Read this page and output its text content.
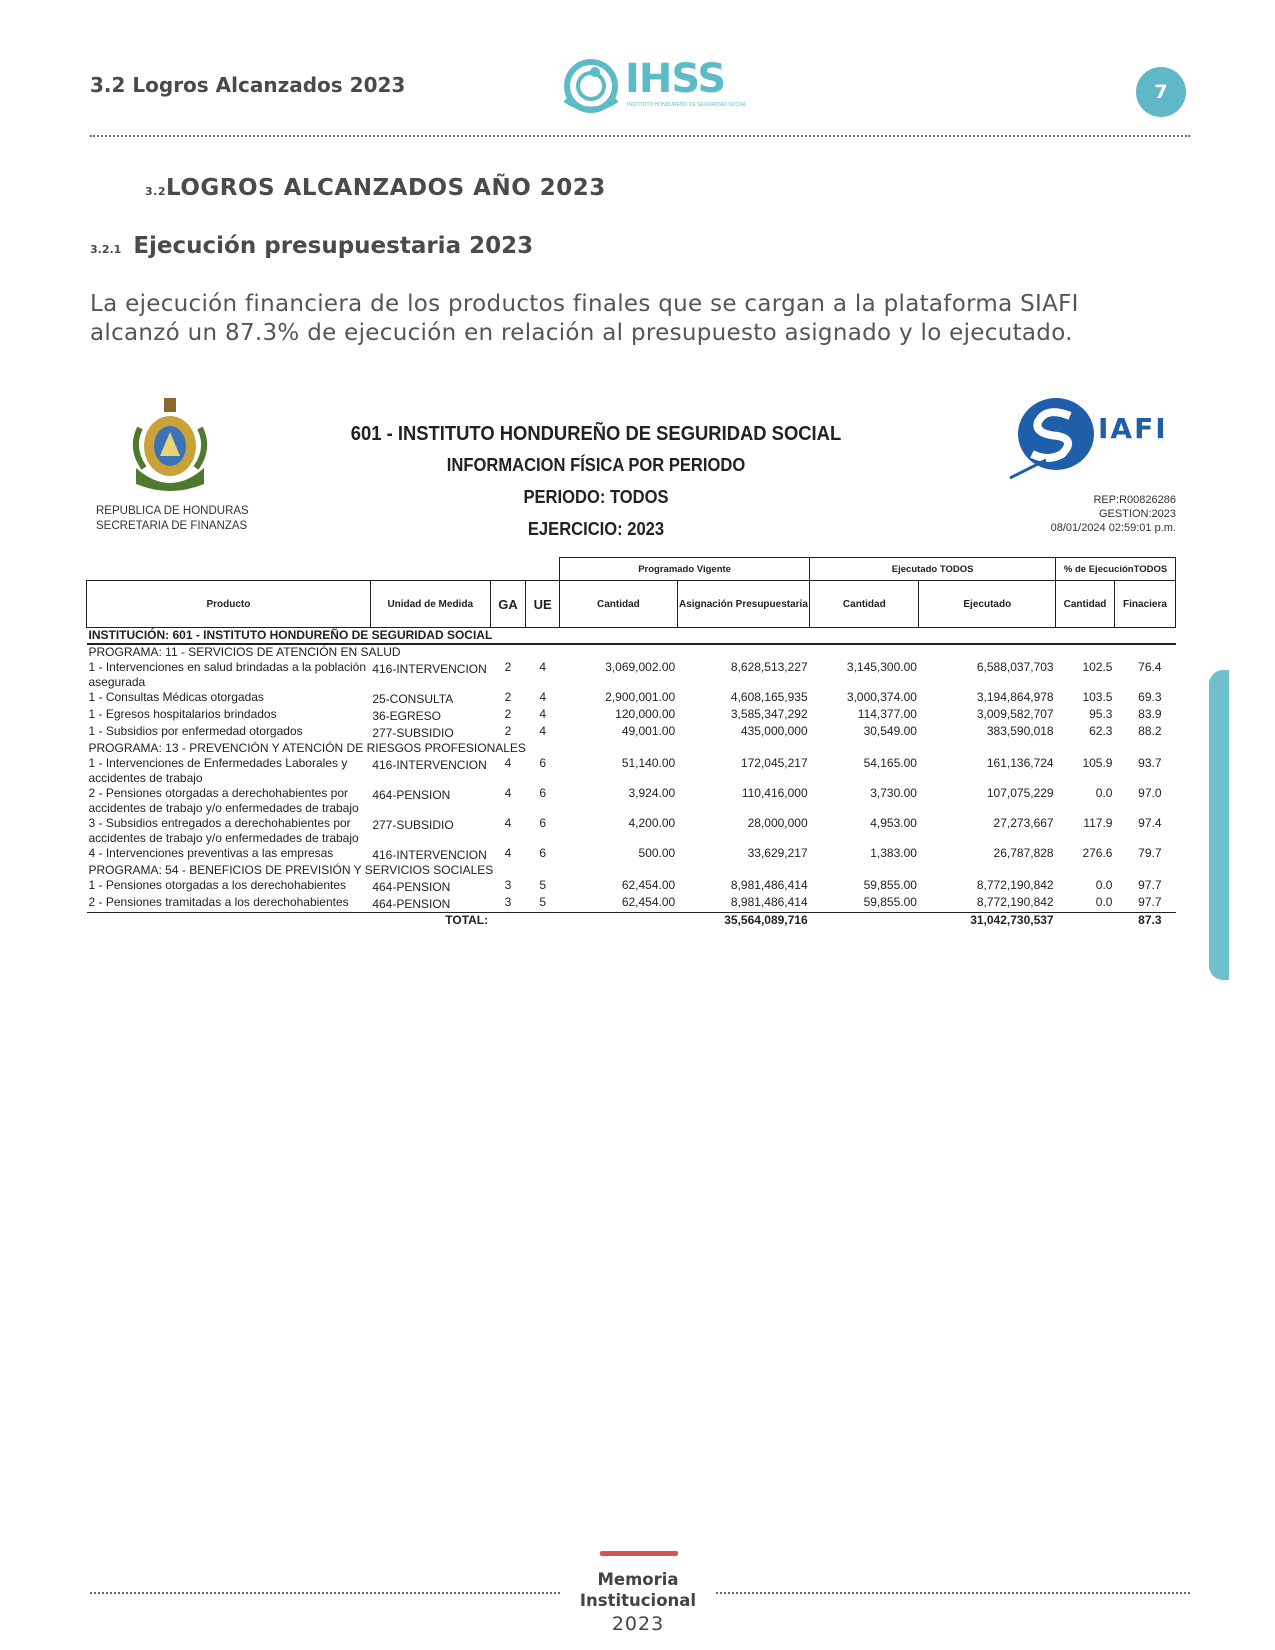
3.2 Logros Alcanzados 2023	IHSS
INSTITUTO HONDUREÑO DE SEGURIDAD SOCIAL
7
3.2LOGROS ALCANZADOS AÑO 2023
3.2.1 Ejecución presupuestaria 2023
La ejecución financiera de los productos finales que se cargan a la plataforma SIAFI
alcanzó un 87.3% de ejecución en relación al presupuesto asignado y lo ejecutado.
REPUBLICA DE HONDURAS
SECRETARIA DE FINANZAS
601 - INSTITUTO HONDUREÑO DE SEGURIDAD SOCIAL
INFORMACION FÍSICA POR PERIODO
PERIODO: TODOS
EJERCICIO: 2023
IAFI
REP:R00826286
GESTION:2023
08/01/2024 02:59:01 p.m.
				Programado Vigente		Ejecutado TODOS		% de EjecuciónTODOS	
Producto	Unidad de Medida	GA	UE	Cantidad	Asignación Presupuestaria	Cantidad	Ejecutado	Cantidad	Finaciera
INSTITUCIÓN: 601 - INSTITUTO HONDUREÑO DE SEGURIDAD SOCIAL									
PROGRAMA: 11 - SERVICIOS DE ATENCIÓN EN SALUD									
1 - Intervenciones en salud brindadas a la población asegurada	416-INTERVENCION	2	4	3,069,002.00	8,628,513,227	3,145,300.00	6,588,037,703	102.5	76.4
1 - Consultas Médicas otorgadas	25-CONSULTA	2	4	2,900,001.00	4,608,165,935	3,000,374.00	3,194,864,978	103.5	69.3
1 - Egresos hospitalarios brindados	36-EGRESO	2	4	120,000.00	3,585,347,292	114,377.00	3,009,582,707	95.3	83.9
1 - Subsidios por enfermedad otorgados	277-SUBSIDIO	2	4	49,001.00	435,000,000	30,549.00	383,590,018	62.3	88.2
PROGRAMA: 13 - PREVENCIÓN Y ATENCIÓN DE RIESGOS PROFESIONALES									
1 - Intervenciones de Enfermedades Laborales y accidentes de trabajo	416-INTERVENCION	4	6	51,140.00	172,045,217	54,165.00	161,136,724	105.9	93.7
2 - Pensiones otorgadas a derechohabientes por accidentes de trabajo y/o enfermedades de trabajo	464-PENSION	4	6	3,924.00	110,416,000	3,730.00	107,075,229	0.0	97.0
3 - Subsidios entregados a derechohabientes por accidentes de trabajo y/o enfermedades de trabajo	277-SUBSIDIO	4	6	4,200.00	28,000,000	4,953.00	27,273,667	117.9	97.4
4 - Intervenciones preventivas a las empresas	416-INTERVENCION	4	6	500.00	33,629,217	1,383.00	26,787,828	276.6	79.7
PROGRAMA: 54 - BENEFICIOS DE PREVISIÓN Y SERVICIOS SOCIALES									
1 - Pensiones otorgadas a los derechohabientes	464-PENSION	3	5	62,454.00	8,981,486,414	59,855.00	8,772,190,842	0.0	97.7
2 - Pensiones tramitadas a los derechohabientes	464-PENSION	3	5	62,454.00	8,981,486,414	59,855.00	8,772,190,842	0.0	97.7
TOTAL:					35,564,089,716		31,042,730,537		87.3
Memoria
Institucional
2023
